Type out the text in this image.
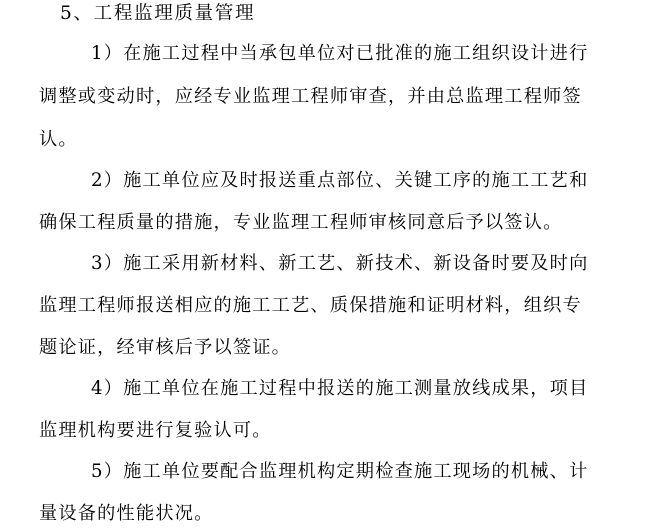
5、工程监理质量管理
1）在施工过程中当承包单位对已批准的施工组织设计进行
调整或变动时，应经专业监理工程师审查，并由总监理工程师签
认。
2）施工单位应及时报送重点部位、关键工序的施工工艺和
确保工程质量的措施，专业监理工程师审核同意后予以签认。
3）施工采用新材料、新工艺、新技术、新设备时要及时向
监理工程师报送相应的施工工艺、质保措施和证明材料，组织专
题论证，经审核后予以签证。
4）施工单位在施工过程中报送的施工测量放线成果，项目
监理机构要进行复验认可。
5）施工单位要配合监理机构定期检查施工现场的机械、计
量设备的性能状况。
